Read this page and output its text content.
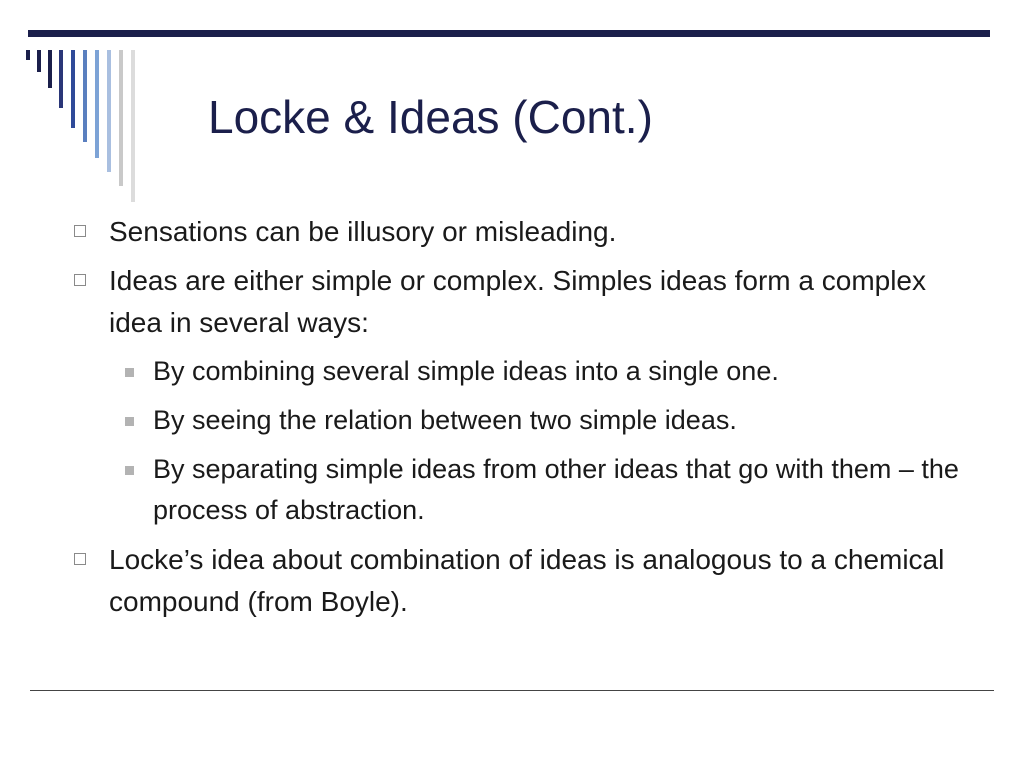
Locke & Ideas (Cont.)
Sensations can be illusory or misleading.
Ideas are either simple or complex. Simples ideas form a complex idea in several ways:
By combining several simple ideas into a single one.
By seeing the relation between two simple ideas.
By separating simple ideas from other ideas that go with them – the process of abstraction.
Locke’s idea about combination of ideas is analogous to a chemical compound (from Boyle).
